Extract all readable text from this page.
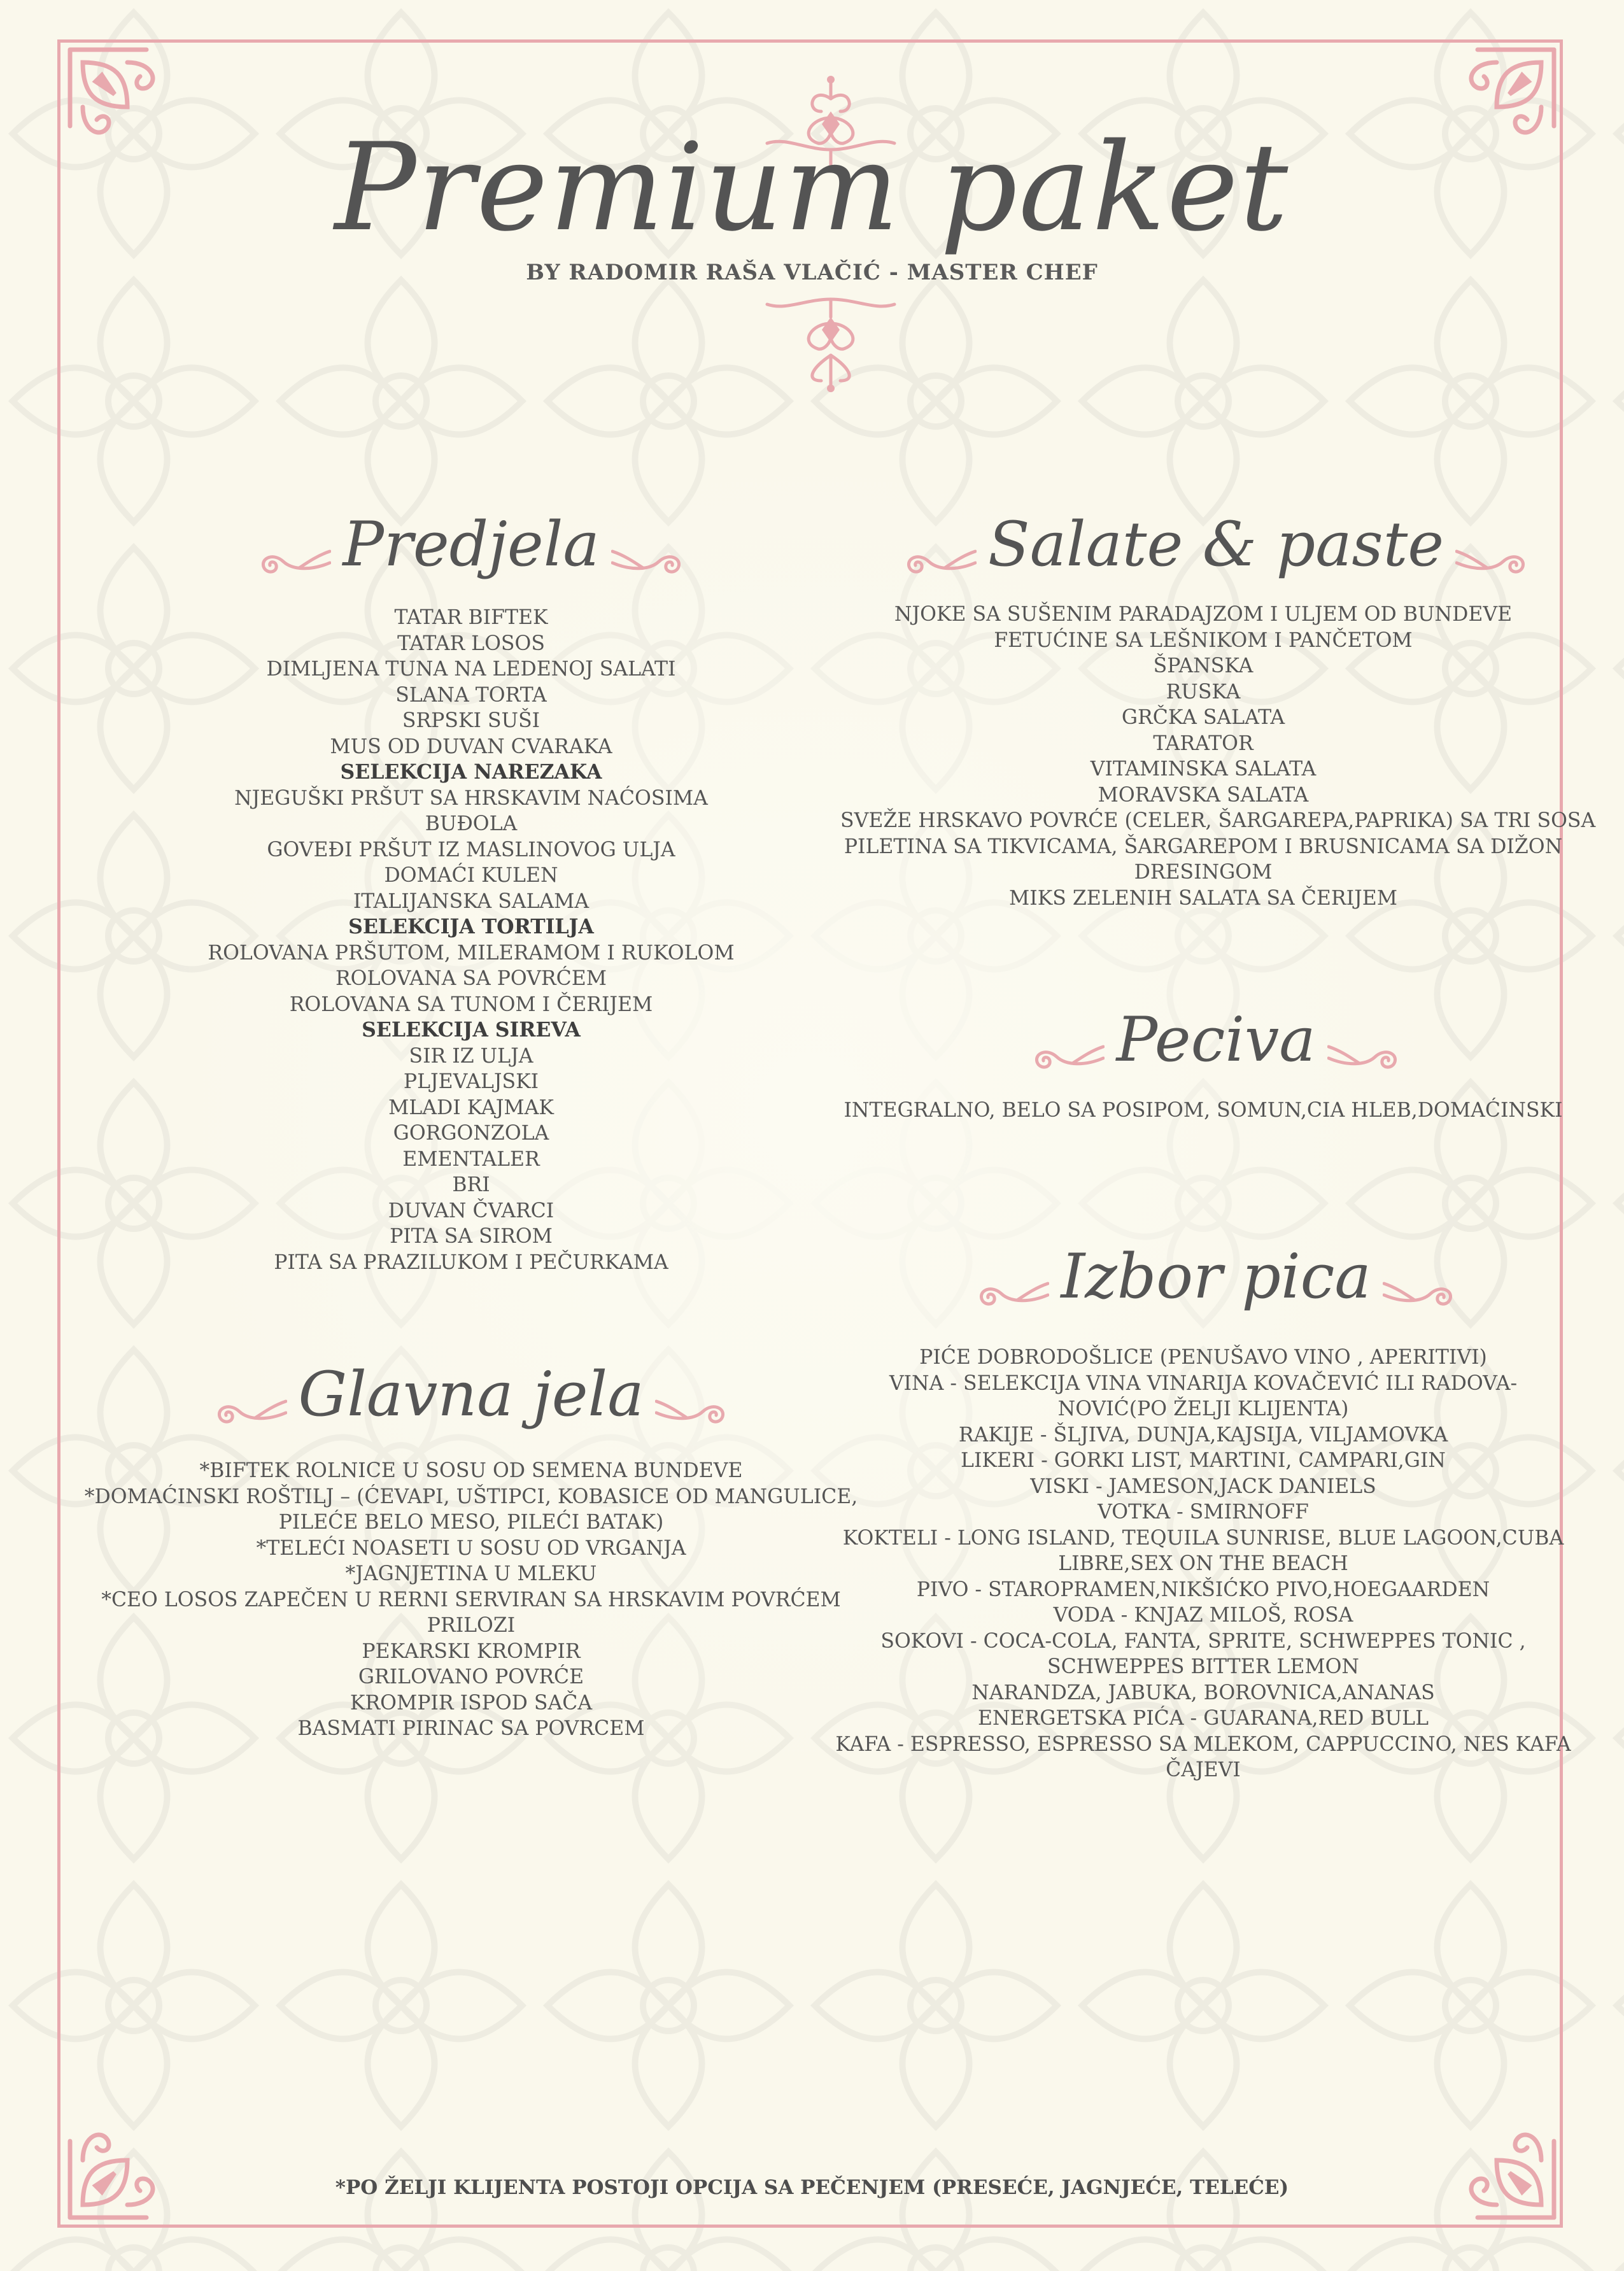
Premium paket
BY RADOMIR RAŠA VLAČIĆ - MASTER CHEF
Predjela
TATAR BIFTEK
TATAR LOSOS
DIMLJENA TUNA NA LEDENOJ SALATI
SLANA TORTA
SRPSKI SUŠI
MUS OD DUVAN CVARAKA
SELEKCIJA NAREZAKA
NJEGUŠKI PRŠUT SA HRSKAVIM NAĆOSIMA
BUĐOLA
GOVEĐI PRŠUT IZ MASLINOVOG ULJA
DOMAĆI KULEN
ITALIJANSKA SALAMA
SELEKCIJA TORTILJA
ROLOVANA PRŠUTOM, MILERAMOM I RUKOLOM
ROLOVANA SA POVRĆEM
ROLOVANA SA TUNOM I ČERIJEM
SELEKCIJA SIREVA
SIR IZ ULJA
PLJEVALJSKI
MLADI KAJMAK
GORGONZOLA
EMENTALER
BRI
DUVAN ČVARCI
PITA SA SIROM
PITA SA PRAZILUKOM I PEČURKAMA
Glavna jela
*BIFTEK ROLNICE U SOSU OD SEMENA BUNDEVE
*DOMAĆINSKI ROŠTILJ – (ĆEVAPI, UŠTIPCI, KOBASICE OD MANGULICE,
PILEĆE BELO MESO, PILEĆI BATAK)
*TELEĆI NOASETI U SOSU OD VRGANJA
*JAGNJETINA U MLEKU
*CEO LOSOS ZAPEČEN U RERNI SERVIRAN SA HRSKAVIM POVRĆEM
PRILOZI
PEKARSKI KROMPIR
GRILOVANO POVRĆE
KROMPIR ISPOD SAČA
BASMATI PIRINAC SA POVRCEM
Salate & paste
NJOKE SA SUŠENIM PARADAJZOM I ULJEM OD BUNDEVE
FETUĆINE SA LEŠNIKOM I PANČETOM
ŠPANSKA
RUSKA
GRČKA SALATA
TARATOR
VITAMINSKA SALATA
MORAVSKA SALATA
SVEŽE HRSKAVO POVRĆE (CELER, ŠARGAREPA,PAPRIKA) SA TRI SOSA
PILETINA SA TIKVICAMA, ŠARGAREPOM I BRUSNICAMA SA DIŽON
DRESINGOM
MIKS ZELENIH SALATA SA ČERIJEM
Peciva
INTEGRALNO, BELO SA POSIPOM, SOMUN,CIA HLEB,DOMAĆINSKI
Izbor pica
PIĆE DOBRODOŠLICE (PENUŠAVO VINO , APERITIVI)
VINA - SELEKCIJA VINA VINARIJA KOVAČEVIĆ ILI RADOVA-
NOVIĆ(PO ŽELJI KLIJENTA)
RAKIJE - ŠLJIVA, DUNJA,KAJSIJA, VILJAMOVKA
LIKERI - GORKI LIST, MARTINI, CAMPARI,GIN
VISKI - JAMESON,JACK DANIELS
VOTKA - SMIRNOFF
KOKTELI - LONG ISLAND, TEQUILA SUNRISE, BLUE LAGOON,CUBA
LIBRE,SEX ON THE BEACH
PIVO - STAROPRAMEN,NIKŠIĆKO PIVO,HOEGAARDEN
VODA - KNJAZ MILOŠ, ROSA
SOKOVI - COCA-COLA, FANTA, SPRITE, SCHWEPPES TONIC ,
SCHWEPPES BITTER LEMON
NARANDZA, JABUKA, BOROVNICA,ANANAS
ENERGETSKA PIĆA - GUARANA,RED BULL
KAFA - ESPRESSO, ESPRESSO SA MLEKOM, CAPPUCCINO, NES KAFA
ČAJEVI
*PO ŽELJI KLIJENTA POSTOJI OPCIJA SA PEČENJEM (PRESEĆE, JAGNJEĆE, TELEĆE)
